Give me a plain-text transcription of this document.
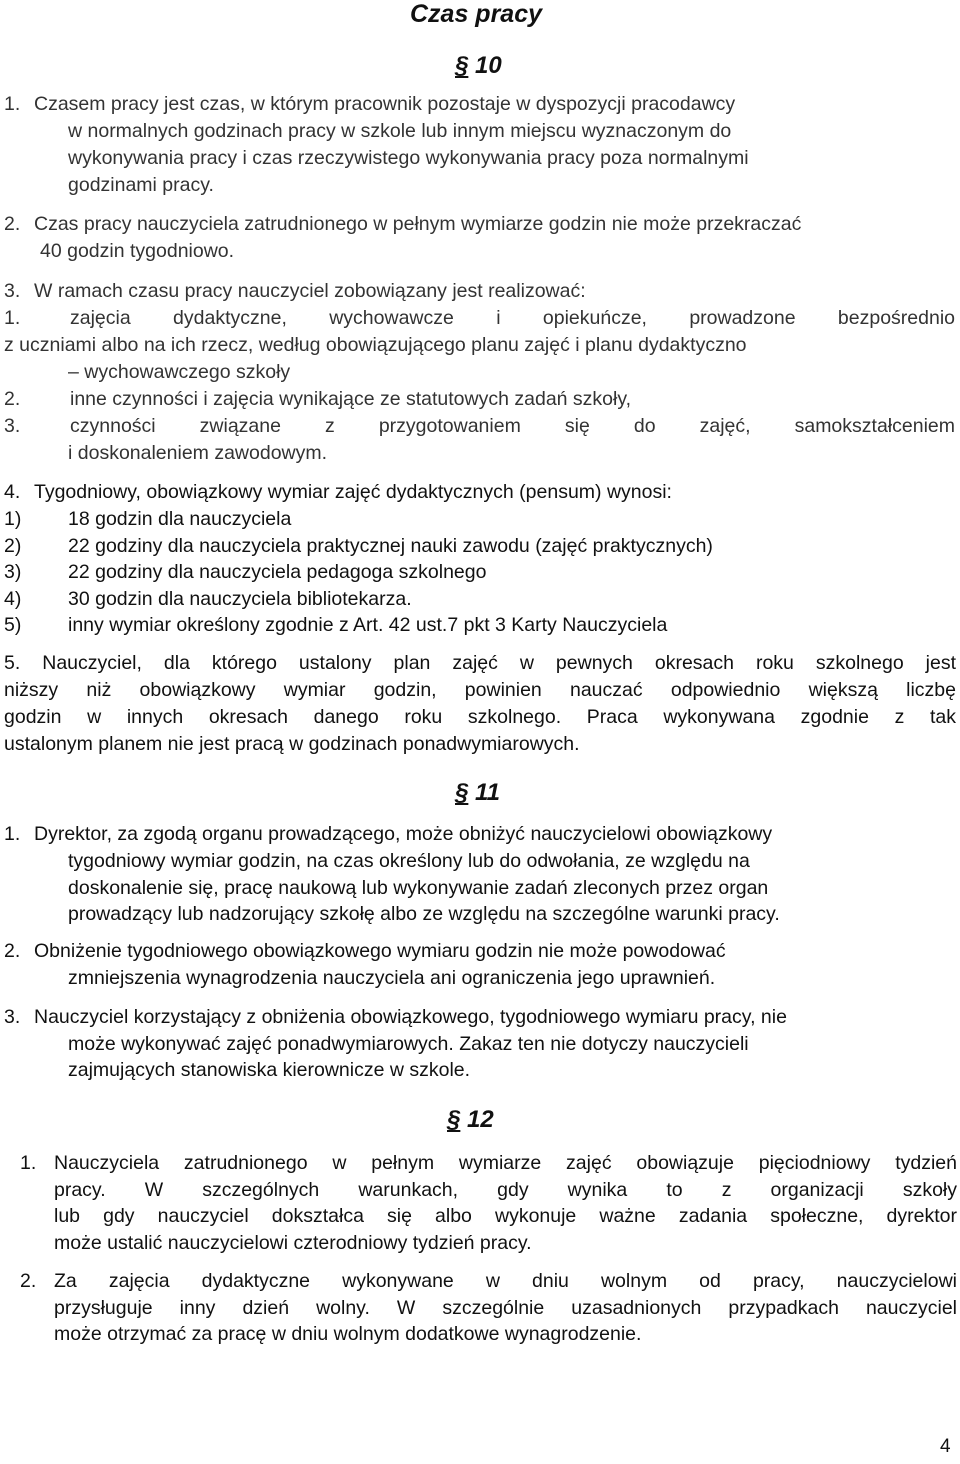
Czas pracy
§ 10
1. Czasem pracy jest czas, w którym pracownik pozostaje w dyspozycji pracodawcy
w normalnych godzinach pracy w szkole lub innym miejscu wyznaczonym do
wykonywania pracy i czas rzeczywistego wykonywania pracy poza normalnymi
godzinami pracy.
2. Czas pracy nauczyciela zatrudnionego w pełnym wymiarze godzin nie może przekraczać
40 godzin tygodniowo.
3. W ramach czasu pracy nauczyciel zobowiązany jest realizować:
1.	zajęcia dydaktyczne, wychowawcze i opiekuńcze, prowadzone bezpośrednio
z uczniami albo na ich rzecz, według obowiązującego planu zajęć i planu dydaktyczno
– wychowawczego szkoły
2.	inne czynności i zajęcia wynikające ze statutowych zadań szkoły,
3.	czynności związane z przygotowaniem się do zajęć, samokształceniem
i doskonaleniem zawodowym.
4. Tygodniowy, obowiązkowy wymiar zajęć dydaktycznych (pensum) wynosi:
1) 18 godzin dla nauczyciela
2) 22 godziny dla nauczyciela praktycznej nauki zawodu (zajęć praktycznych)
3) 22 godziny dla nauczyciela pedagoga szkolnego
4) 30 godzin dla nauczyciela bibliotekarza.
5) inny wymiar określony zgodnie z Art. 42 ust.7 pkt 3 Karty Nauczyciela
5. Nauczyciel, dla którego ustalony plan zajęć w pewnych okresach roku szkolnego jest
niższy niż obowiązkowy wymiar godzin, powinien nauczać odpowiednio większą liczbę
godzin w innych okresach danego roku szkolnego. Praca wykonywana zgodnie z tak
ustalonym planem nie jest pracą w godzinach ponadwymiarowych.
§ 11
1. Dyrektor, za zgodą organu prowadzącego, może obniżyć nauczycielowi obowiązkowy
tygodniowy wymiar godzin, na czas określony lub do odwołania, ze względu na
doskonalenie się, pracę naukową lub wykonywanie zadań zleconych przez organ
prowadzący lub nadzorujący szkołę albo ze względu na szczególne warunki pracy.
2. Obniżenie tygodniowego obowiązkowego wymiaru godzin nie może powodować
zmniejszenia wynagrodzenia nauczyciela ani ograniczenia jego uprawnień.
3. Nauczyciel korzystający z obniżenia obowiązkowego, tygodniowego wymiaru pracy, nie
może wykonywać zajęć ponadwymiarowych. Zakaz ten nie dotyczy nauczycieli
zajmujących stanowiska kierownicze w szkole.
§ 12
1. Nauczyciela zatrudnionego w pełnym wymiarze zajęć obowiązuje pięciodniowy tydzień
pracy. W szczególnych warunkach, gdy wynika to z organizacji szkoły
lub gdy nauczyciel dokształca się albo wykonuje ważne zadania społeczne, dyrektor
może ustalić nauczycielowi czterodniowy tydzień pracy.
2. Za zajęcia dydaktyczne wykonywane w dniu wolnym od pracy, nauczycielowi
przysługuje inny dzień wolny. W szczególnie uzasadnionych przypadkach nauczyciel
może otrzymać za pracę w dniu wolnym dodatkowe wynagrodzenie.
4
